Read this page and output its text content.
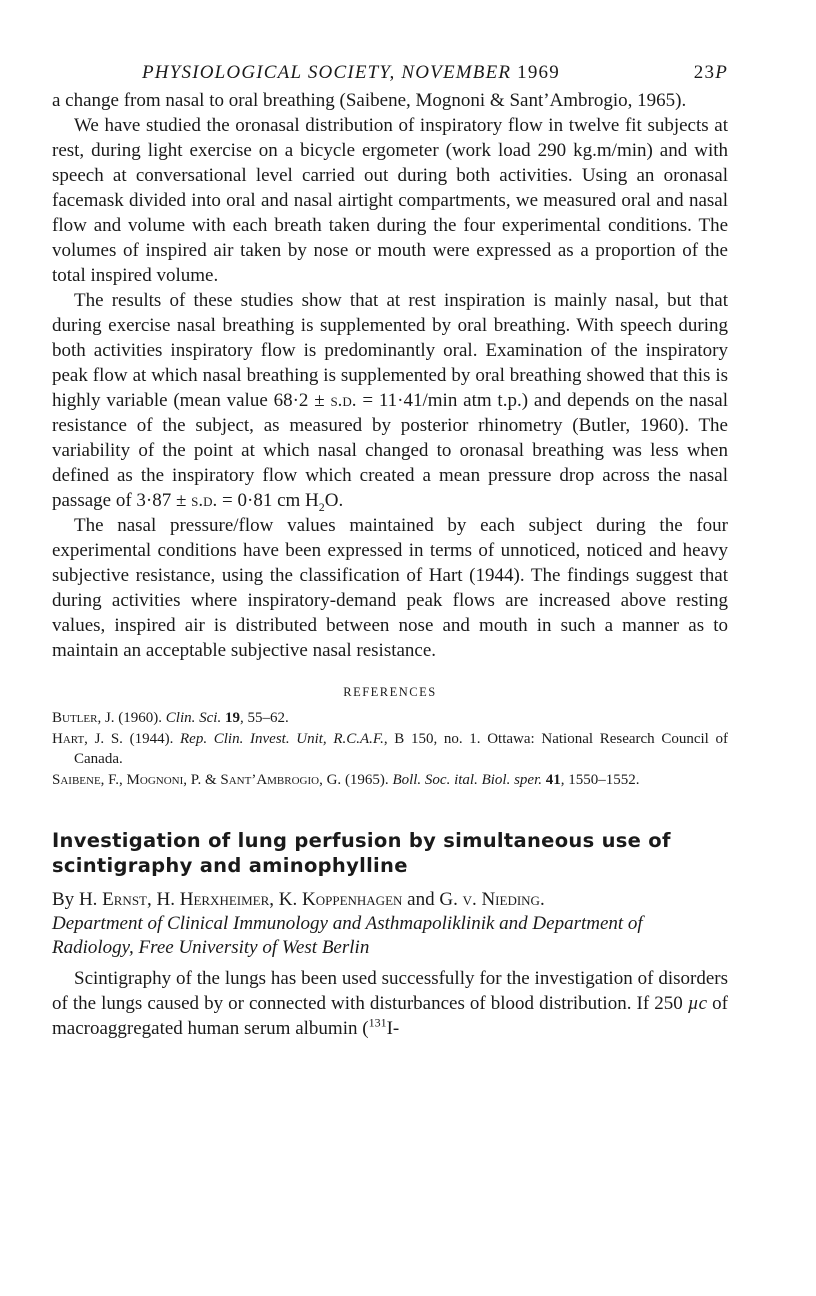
PHYSIOLOGICAL SOCIETY, NOVEMBER 1969	23P

a change from nasal to oral breathing (Saibene, Mognoni & Sant’Ambrogio, 1965).

We have studied the oronasal distribution of inspiratory flow in twelve fit subjects at rest, during light exercise on a bicycle ergometer (work load 290 kg.m/min) and with speech at conversational level carried out during both activities. Using an oronasal facemask divided into oral and nasal airtight compartments, we measured oral and nasal flow and volume with each breath taken during the four experimental conditions. The volumes of inspired air taken by nose or mouth were expressed as a proportion of the total inspired volume.

The results of these studies show that at rest inspiration is mainly nasal, but that during exercise nasal breathing is supplemented by oral breathing. With speech during both activities inspiratory flow is predominantly oral. Examination of the inspiratory peak flow at which nasal breathing is supplemented by oral breathing showed that this is highly variable (mean value 68·2 ± s.d. = 11·41/min atm t.p.) and depends on the nasal resistance of the subject, as measured by posterior rhinometry (Butler, 1960). The variability of the point at which nasal changed to oronasal breathing was less when defined as the inspiratory flow which created a mean pressure drop across the nasal passage of 3·87 ± s.d. = 0·81 cm $H_2O$.

The nasal pressure/flow values maintained by each subject during the four experimental conditions have been expressed in terms of unnoticed, noticed and heavy subjective resistance, using the classification of Hart (1944). The findings suggest that during activities where inspiratory-demand peak flows are increased above resting values, inspired air is distributed between nose and mouth in such a manner as to maintain an acceptable subjective nasal resistance.

REFERENCES

Butler, J. (1960). Clin. Sci. 19, 55–62.

Hart, J. S. (1944). Rep. Clin. Invest. Unit, R.C.A.F., B 150, no. 1. Ottawa: National Research Council of Canada.

Saibene, F., Mognoni, P. & Sant’Ambrogio, G. (1965). Boll. Soc. ital. Biol. sper. 41, 1550–1552.

Investigation of lung perfusion by simultaneous use of scintigraphy and aminophylline

By H. Ernst, H. Herxheimer, K. Koppenhagen and G. v. Nieding.

Department of Clinical Immunology and Asthmapoliklinik and Department of Radiology, Free University of West Berlin

Scintigraphy of the lungs has been used successfully for the investigation of disorders of the lungs caused by or connected with disturbances of blood distribution. If 250 µc of macroaggregated human serum albumin ($^{131}$I-
